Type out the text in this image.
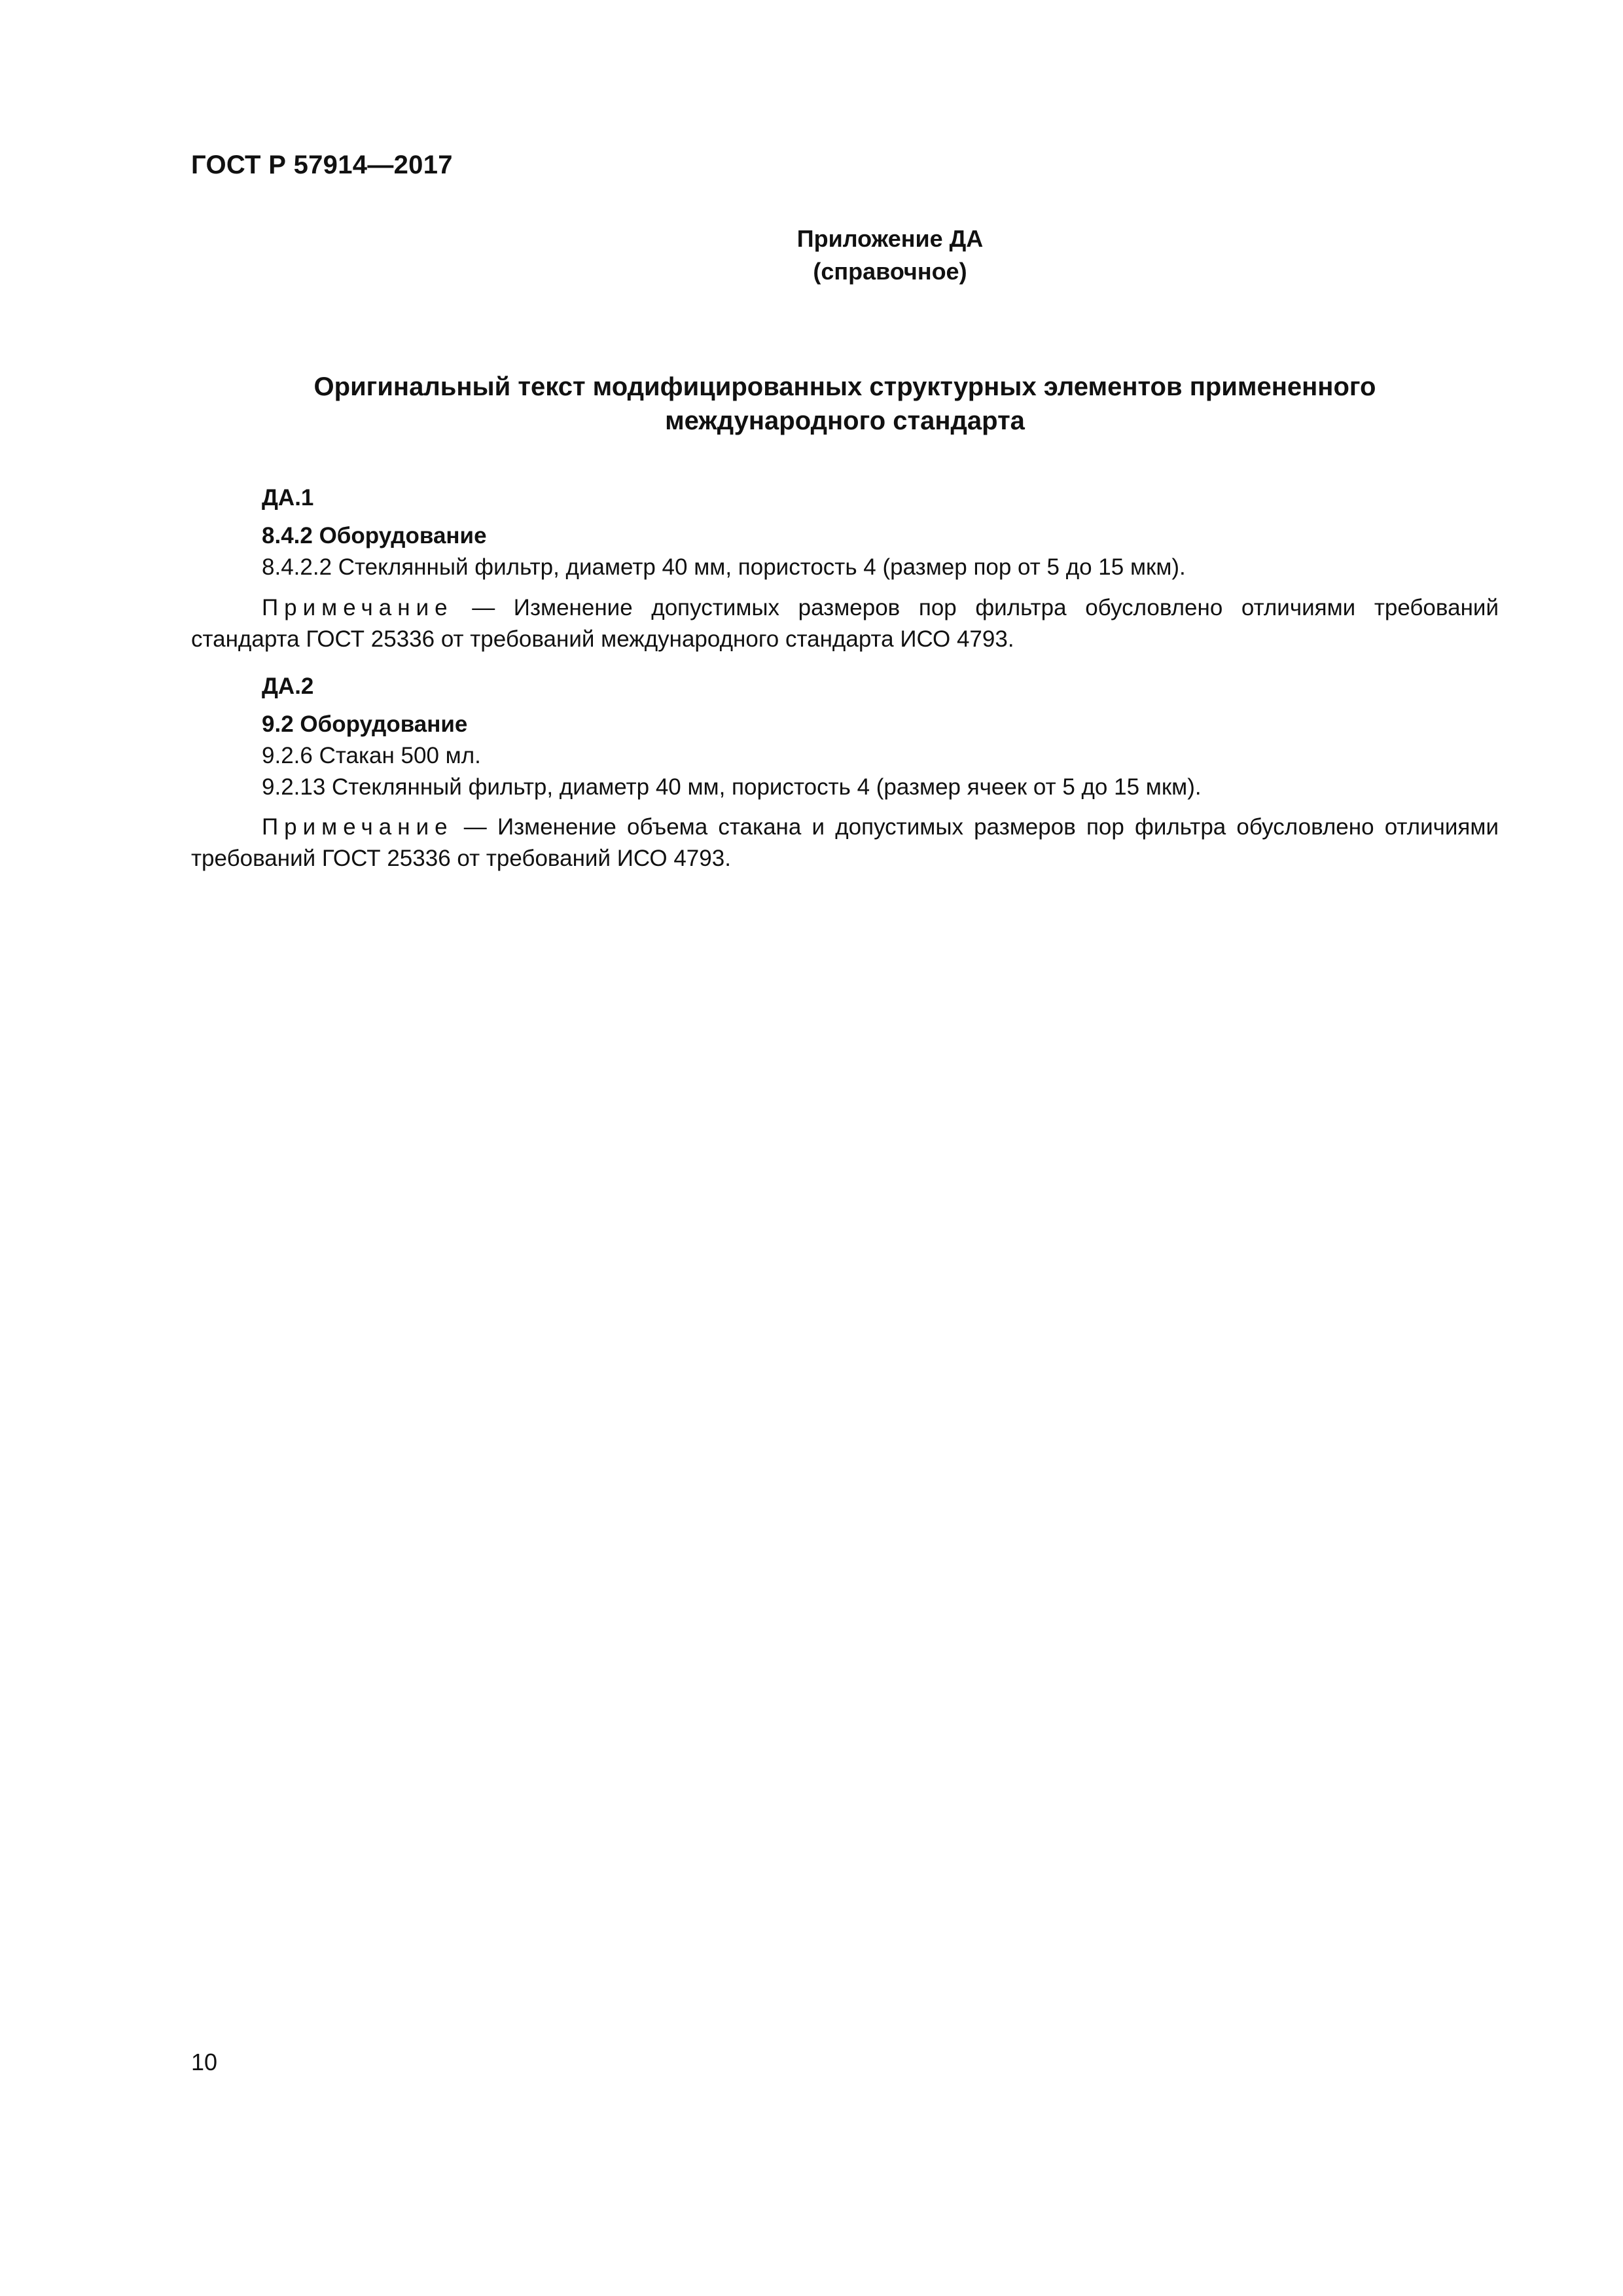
ГОСТ Р 57914—2017
Приложение ДА
(справочное)
Оригинальный текст модифицированных структурных элементов примененного
международного стандарта
ДА.1
8.4.2 Оборудование
8.4.2.2 Стеклянный фильтр, диаметр 40 мм, пористость 4 (размер пор от 5 до 15 мкм).
Примечание — Изменение допустимых размеров пор фильтра обусловлено отличиями требований стандарта ГОСТ 25336 от требований международного стандарта ИСО 4793.
ДА.2
9.2 Оборудование
9.2.6 Стакан 500 мл.
9.2.13 Стеклянный фильтр, диаметр 40 мм, пористость 4 (размер ячеек от 5 до 15 мкм).
Примечание — Изменение объема стакана и допустимых размеров пор фильтра обусловлено отличиями требований ГОСТ 25336 от требований ИСО 4793.
10
